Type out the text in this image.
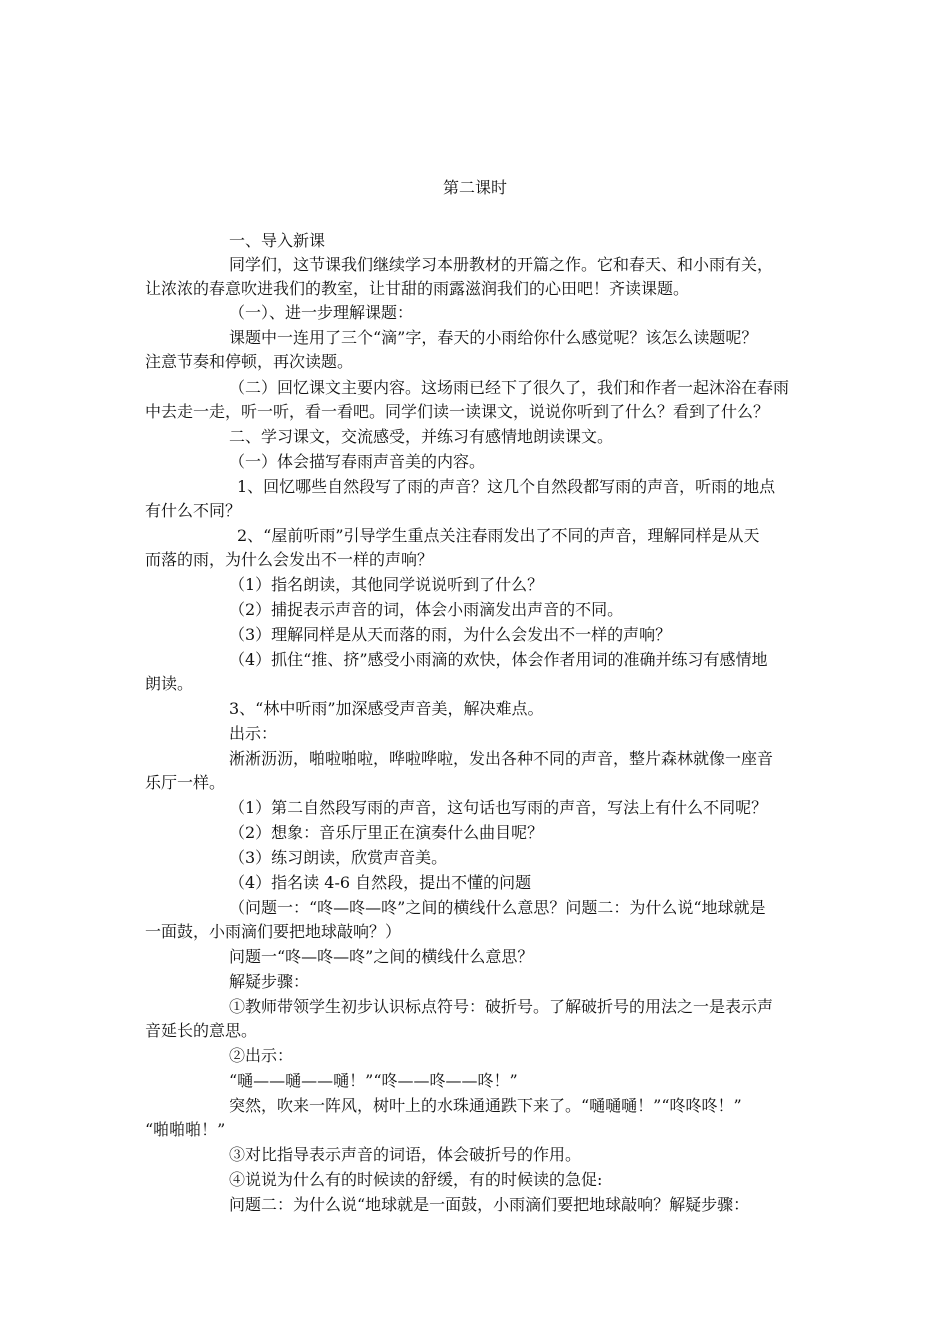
第二课时
一、导入新课
同学们，这节课我们继续学习本册教材的开篇之作。它和春天、和小雨有关，
让浓浓的春意吹进我们的教室，让甘甜的雨露滋润我们的心田吧！齐读课题。
（一）、进一步理解课题：
课题中一连用了三个“滴”字，春天的小雨给你什么感觉呢？该怎么读题呢？
注意节奏和停顿，再次读题。
（二）回忆课文主要内容。这场雨已经下了很久了，我们和作者一起沐浴在春雨
中去走一走，听一听，看一看吧。同学们读一读课文，说说你听到了什么？看到了什么？
二、学习课文，交流感受，并练习有感情地朗读课文。
（一）体会描写春雨声音美的内容。
1、回忆哪些自然段写了雨的声音？这几个自然段都写雨的声音，听雨的地点
有什么不同？
2、“屋前听雨”引导学生重点关注春雨发出了不同的声音，理解同样是从天
而落的雨，为什么会发出不一样的声响？
（1）指名朗读，其他同学说说听到了什么？
（2）捕捉表示声音的词，体会小雨滴发出声音的不同。
（3）理解同样是从天而落的雨，为什么会发出不一样的声响？
（4）抓住“推、挤”感受小雨滴的欢快，体会作者用词的准确并练习有感情地
朗读。
3、“林中听雨”加深感受声音美，解决难点。
出示：
淅淅沥沥，啪啦啪啦，哗啦哗啦，发出各种不同的声音，整片森林就像一座音
乐厅一样。
（1）第二自然段写雨的声音，这句话也写雨的声音，写法上有什么不同呢？
（2）想象：音乐厅里正在演奏什么曲目呢？
（3）练习朗读，欣赏声音美。
（4）指名读 4-6 自然段，提出不懂的问题
（问题一：“咚—咚—咚”之间的横线什么意思？问题二：为什么说“地球就是
一面鼓，小雨滴们要把地球敲响？）
问题一“咚—咚—咚”之间的横线什么意思？
解疑步骤：
①教师带领学生初步认识标点符号：破折号。了解破折号的用法之一是表示声
音延长的意思。
②出示：
“嗵——嗵——嗵！”“咚——咚——咚！”
突然，吹来一阵风，树叶上的水珠通通跌下来了。“嗵嗵嗵！”“咚咚咚！”
“啪啪啪！”
③对比指导表示声音的词语，体会破折号的作用。
④说说为什么有的时候读的舒缓，有的时候读的急促:
问题二：为什么说“地球就是一面鼓，小雨滴们要把地球敲响？解疑步骤：
